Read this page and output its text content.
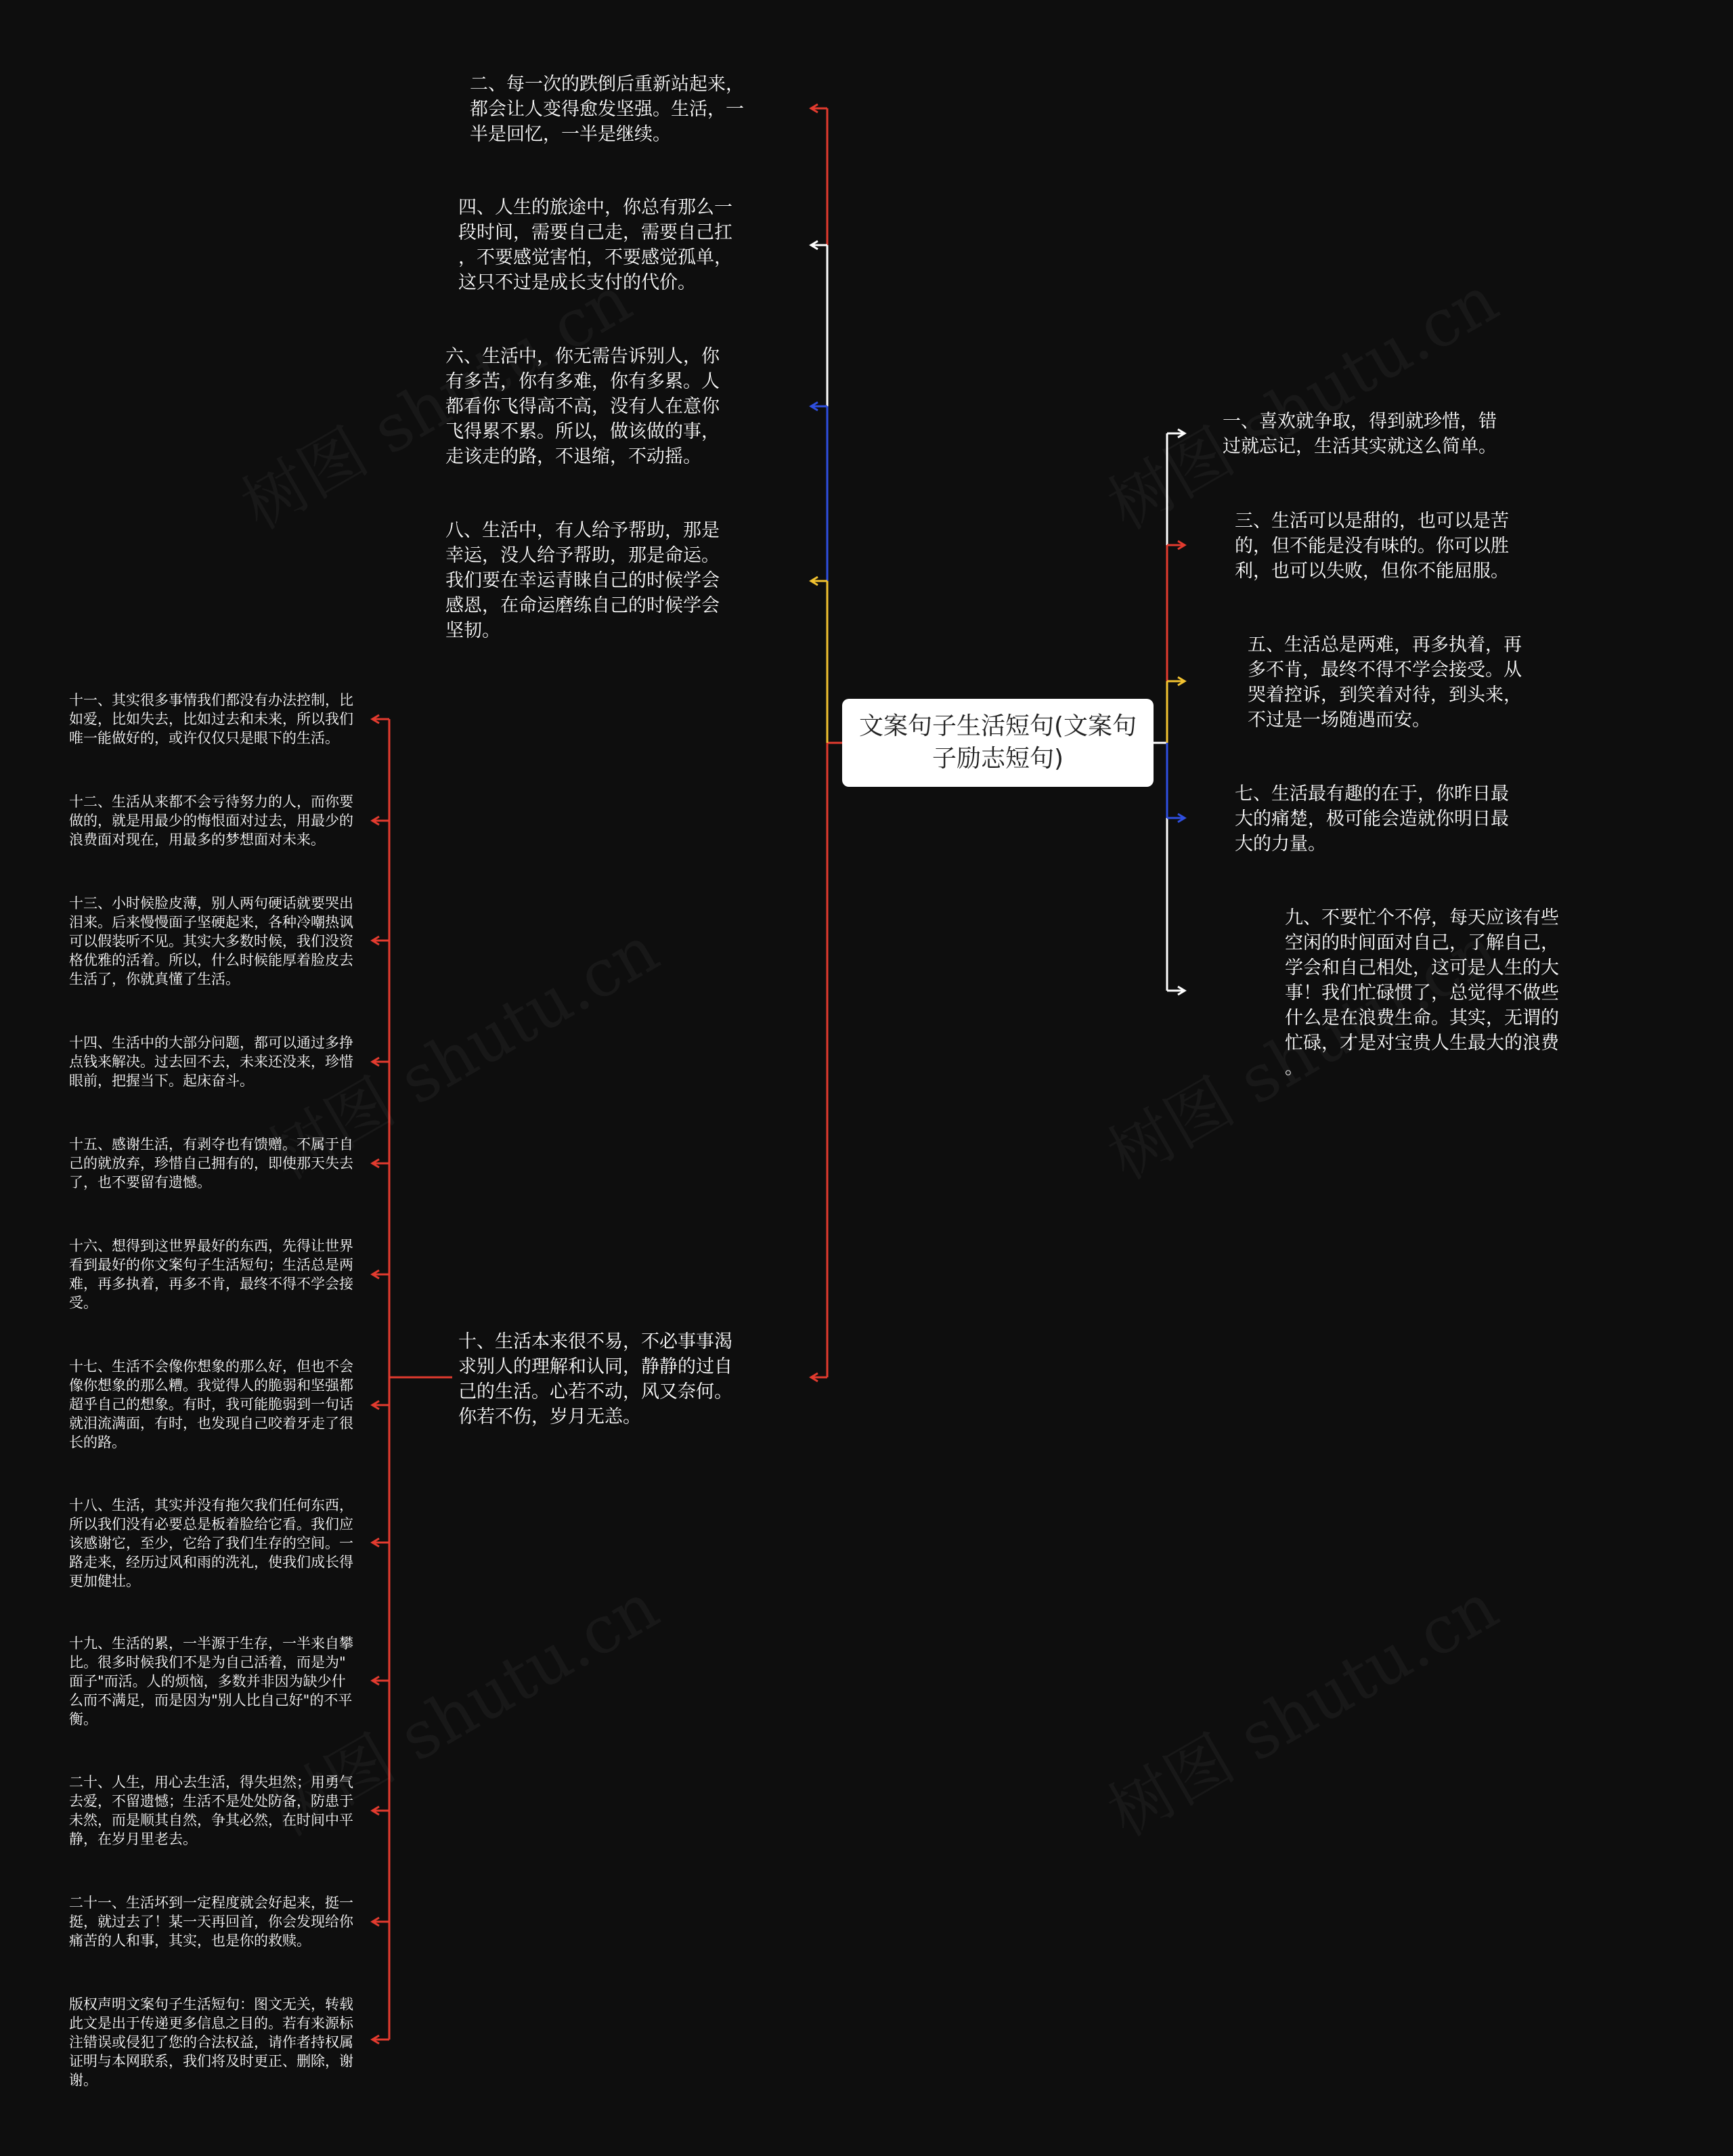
文案句子生活短句(文案句子励志短句)
二、每一次的跌倒后重新站起来，
都会让人变得愈发坚强。生活，一
半是回忆，一半是继续。
四、人生的旅途中，你总有那么一
段时间，需要自己走，需要自己扛
，不要感觉害怕，不要感觉孤单，
这只不过是成长支付的代价。
六、生活中，你无需告诉别人，你
有多苦，你有多难，你有多累。人
都看你飞得高不高，没有人在意你
飞得累不累。所以，做该做的事，
走该走的路，不退缩，不动摇。
八、生活中，有人给予帮助，那是
幸运，没人给予帮助，那是命运。
我们要在幸运青睐自己的时候学会
感恩，在命运磨练自己的时候学会
坚韧。
十、生活本来很不易，不必事事渴
求别人的理解和认同，静静的过自
己的生活。心若不动，风又奈何。
你若不伤，岁月无恙。
一、喜欢就争取，得到就珍惜，错
过就忘记，生活其实就这么简单。
三、生活可以是甜的，也可以是苦
的，但不能是没有味的。你可以胜
利，也可以失败，但你不能屈服。
五、生活总是两难，再多执着，再
多不肯，最终不得不学会接受。从
哭着控诉，到笑着对待，到头来，
不过是一场随遇而安。
七、生活最有趣的在于，你昨日最
大的痛楚，极可能会造就你明日最
大的力量。
九、不要忙个不停，每天应该有些
空闲的时间面对自己，了解自己，
学会和自己相处，这可是人生的大
事！我们忙碌惯了，总觉得不做些
什么是在浪费生命。其实，无谓的
忙碌，才是对宝贵人生最大的浪费
。
十一、其实很多事情我们都没有办法控制，比
如爱，比如失去，比如过去和未来，所以我们
唯一能做好的，或许仅仅只是眼下的生活。
十二、生活从来都不会亏待努力的人，而你要
做的，就是用最少的悔恨面对过去，用最少的
浪费面对现在，用最多的梦想面对未来。
十三、小时候脸皮薄，别人两句硬话就要哭出
泪来。后来慢慢面子坚硬起来，各种冷嘲热讽
可以假装听不见。其实大多数时候，我们没资
格优雅的活着。所以，什么时候能厚着脸皮去
生活了，你就真懂了生活。
十四、生活中的大部分问题，都可以通过多挣
点钱来解决。过去回不去，未来还没来，珍惜
眼前，把握当下。起床奋斗。
十五、感谢生活，有剥夺也有馈赠。不属于自
己的就放弃，珍惜自己拥有的，即使那天失去
了，也不要留有遗憾。
十六、想得到这世界最好的东西，先得让世界
看到最好的你文案句子生活短句；生活总是两
难，再多执着，再多不肯，最终不得不学会接
受。
十七、生活不会像你想象的那么好，但也不会
像你想象的那么糟。我觉得人的脆弱和坚强都
超乎自己的想象。有时，我可能脆弱到一句话
就泪流满面，有时，也发现自己咬着牙走了很
长的路。
十八、生活，其实并没有拖欠我们任何东西，
所以我们没有必要总是板着脸给它看。我们应
该感谢它，至少，它给了我们生存的空间。一
路走来，经历过风和雨的洗礼，使我们成长得
更加健壮。
十九、生活的累，一半源于生存，一半来自攀
比。很多时候我们不是为自己活着，而是为"
面子"而活。人的烦恼，多数并非因为缺少什
么而不满足，而是因为"别人比自己好"的不平
衡。
二十、人生，用心去生活，得失坦然；用勇气
去爱，不留遗憾；生活不是处处防备，防患于
未然，而是顺其自然，争其必然，在时间中平
静，在岁月里老去。
二十一、生活坏到一定程度就会好起来，挺一
挺，就过去了！某一天再回首，你会发现给你
痛苦的人和事，其实，也是你的救赎。
版权声明文案句子生活短句：图文无关，转载
此文是出于传递更多信息之目的。若有来源标
注错误或侵犯了您的合法权益，请作者持权属
证明与本网联系，我们将及时更正、删除，谢
谢。
